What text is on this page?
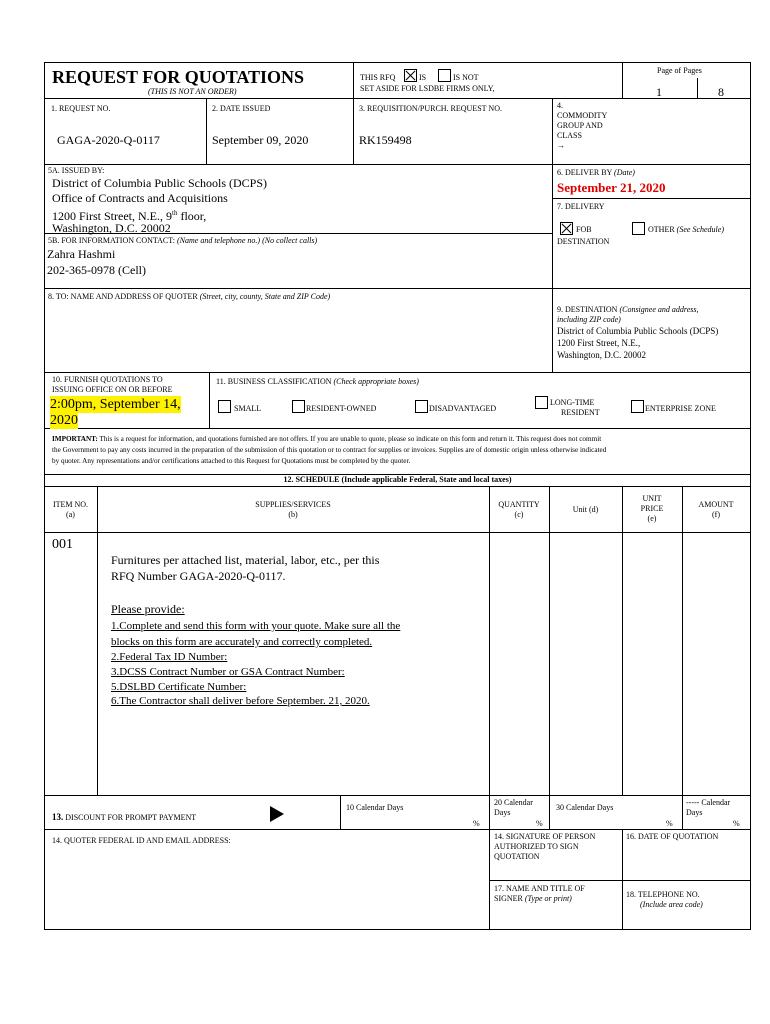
REQUEST FOR QUOTATIONS
(THIS IS NOT AN ORDER)
THIS RFQ	IS	IS NOT
SET ASIDE FOR LSDBE FIRMS ONLY,
Page of Pages
1	8
1. REQUEST NO.
GAGA-2020-Q-0117
2. DATE ISSUED
September 09, 2020
3. REQUISITION/PURCH. REQUEST NO.
RK159498
4.
COMMODITY
GROUP AND
CLASS
→
5A. ISSUED BY:
District of Columbia Public Schools (DCPS)
Office of Contracts and Acquisitions
1200 First Street, N.E., 9th floor,
Washington, D.C. 20002
5B. FOR INFORMATION CONTACT: (Name and telephone no.) (No collect calls)
Zahra Hashmi
202-365-0978 (Cell)
6. DELIVER BY (Date)
September 21, 2020
7. DELIVERY
FOB
DESTINATION
OTHER (See Schedule)
8. TO: NAME AND ADDRESS OF QUOTER (Street, city, county, State and ZIP Code)
9. DESTINATION (Consignee and address,
including ZIP code)
District of Columbia Public Schools (DCPS)
1200 First Street, N.E.,
Washington, D.C. 20002
10. FURNISH QUOTATIONS TO
ISSUING OFFICE ON OR BEFORE
2:00pm, September 14,
2020
11. BUSINESS CLASSIFICATION (Check appropriate boxes)
SMALL	RESIDENT-OWNED	DISADVANTAGED
LONG-TIME
RESIDENT	ENTERPRISE ZONE
IMPORTANT: This is a request for information, and quotations furnished are not offers. If you are unable to quote, please so indicate on this form and return it. This request does not commit
the Government to pay any costs incurred in the preparation of the submission of this quotation or to contract for supplies or invoices. Supplies are of domestic origin unless otherwise indicated
by quoter. Any representations and/or certifications attached to this Request for Quotations must be completed by the quoter.
12. SCHEDULE (Include applicable Federal, State and local taxes)
ITEM NO.
(a)
SUPPLIES/SERVICES
(b)
QUANTITY
(c)
Unit (d)
UNIT
PRICE
(e)
AMOUNT
(f)
001
Furnitures per attached list, material, labor, etc., per this
RFQ Number GAGA-2020-Q-0117.
Please provide:
1.Complete and send this form with your quote. Make sure all the
blocks on this form are accurately and correctly completed.
2.Federal Tax ID Number:
3.DCSS Contract Number or GSA Contract Number:
5.DSLBD Certificate Number:
6.The Contractor shall deliver before September. 21, 2020.
13. DISCOUNT FOR PROMPT PAYMENT
10 Calendar Days
%
20 Calendar
Days
%
30 Calendar Days
%
----- Calendar
Days
%
14. QUOTER FEDERAL ID AND EMAIL ADDRESS:	14. SIGNATURE OF PERSON
AUTHORIZED TO SIGN
QUOTATION
16. DATE OF QUOTATION
17. NAME AND TITLE OF
SIGNER (Type or print)	18. TELEPHONE NO.
(Include area code)
